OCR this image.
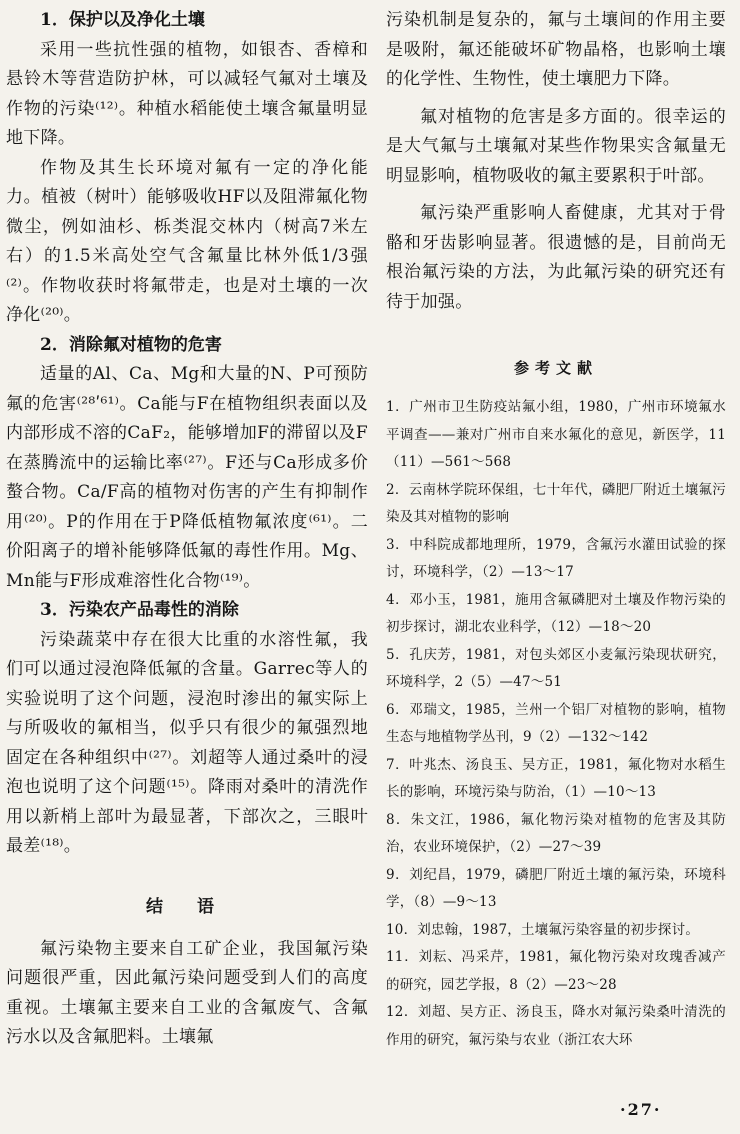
1．保护以及净化土壤

采用一些抗性强的植物，如银杏、香樟和悬铃木等营造防护林，可以减轻气氟对土壤及作物的污染⁽¹²⁾。种植水稻能使土壤含氟量明显地下降。

作物及其生长环境对氟有一定的净化能力。植被（树叶）能够吸收HF以及阻滞氟化物微尘，例如油杉、栎类混交林内（树高7米左右）的1.5米高处空气含氟量比林外低1/3强⁽²⁾。作物收获时将氟带走，也是对土壤的一次净化⁽²⁰⁾。

2．消除氟对植物的危害

适量的Al、Ca、Mg和大量的N、P可预防氟的危害⁽²⁸ʹ⁶¹⁾。Ca能与F在植物组织表面以及内部形成不溶的CaF₂，能够增加F的滞留以及F在蒸腾流中的运输比率⁽²⁷⁾。F还与Ca形成多价螯合物。Ca/F高的植物对伤害的产生有抑制作用⁽²⁰⁾。P的作用在于P降低植物氟浓度⁽⁶¹⁾。二价阳离子的增补能够降低氟的毒性作用。Mg、Mn能与F形成难溶性化合物⁽¹⁹⁾。

3．污染农产品毒性的消除

污染蔬菜中存在很大比重的水溶性氟，我们可以通过浸泡降低氟的含量。Garrec等人的实验说明了这个问题，浸泡时渗出的氟实际上与所吸收的氟相当，似乎只有很少的氟强烈地固定在各种组织中⁽²⁷⁾。刘超等人通过桑叶的浸泡也说明了这个问题⁽¹⁵⁾。降雨对桑叶的清洗作用以新梢上部叶为最显著，下部次之，三眼叶最差⁽¹⁸⁾。

结 语

氟污染物主要来自工矿企业，我国氟污染问题很严重，因此氟污染问题受到人们的高度重视。土壤氟主要来自工业的含氟废气、含氟污水以及含氟肥料。土壤氟

污染机制是复杂的，氟与土壤间的作用主要是吸附，氟还能破坏矿物晶格，也影响土壤的化学性、生物性，使土壤肥力下降。

氟对植物的危害是多方面的。很幸运的是大气氟与土壤氟对某些作物果实含氟量无明显影响，植物吸收的氟主要累积于叶部。

氟污染严重影响人畜健康，尤其对于骨骼和牙齿影响显著。很遗憾的是，目前尚无根治氟污染的方法，为此氟污染的研究还有待于加强。

参考文献

1．广州市卫生防疫站氟小组，1980，广州市环境氟水平调查——兼对广州市自来水氟化的意见，新医学，11（11）—561～568

2．云南林学院环保组，七十年代，磷肥厂附近土壤氟污染及其对植物的影响

3．中科院成都地理所，1979，含氟污水灌田试验的探讨，环境科学，（2）—13～17

4．邓小玉，1981，施用含氟磷肥对土壤及作物污染的初步探讨，湖北农业科学，（12）—18～20

5．孔庆芳，1981，对包头郊区小麦氟污染现状研究，环境科学，2（5）—47～51

6．邓瑞文，1985，兰州一个铝厂对植物的影响，植物生态与地植物学丛刊，9（2）—132～142

7．叶兆杰、汤良玉、吴方正，1981，氟化物对水稻生长的影响，环境污染与防治，（1）—10～13

8．朱文江，1986，氟化物污染对植物的危害及其防治，农业环境保护，（2）—27～39

9．刘纪昌，1979，磷肥厂附近土壤的氟污染，环境科学，（8）—9～13

10．刘忠翰，1987，土壤氟污染容量的初步探讨。

11．刘耘、冯采芹，1981，氟化物污染对玫瑰香减产的研究，园艺学报，8（2）—23～28

12．刘超、吴方正、汤良玉，降水对氟污染桑叶清洗的作用的研究，氟污染与农业（浙江农大环

·27·
